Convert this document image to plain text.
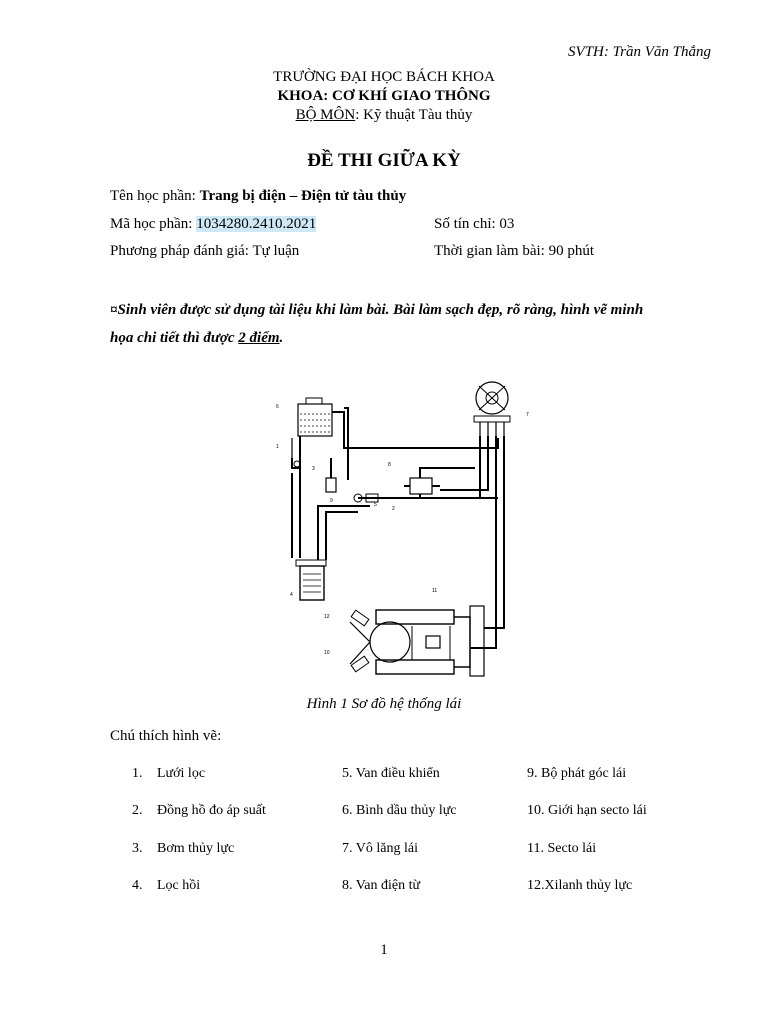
SVTH: Trần Văn Thắng
TRƯỜNG ĐẠI HỌC BÁCH KHOA
KHOA: CƠ KHÍ GIAO THÔNG
BỘ MÔN: Kỹ thuật Tàu thủy
ĐỀ THI GIỮA KỲ
Tên học phần: Trang bị điện – Điện tử tàu thủy
Mã học phần: 1034280.2410.2021	Số tín chỉ: 03
Phương pháp đánh giá: Tự luận	Thời gian làm bài: 90 phút
¤Sinh viên được sử dụng tài liệu khi làm bài. Bài làm sạch đẹp, rõ ràng, hình vẽ minh họa chi tiết thì được 2 điểm.
6
1
3
4
8
5
2
7
9
11
12
10
Hình 1 Sơ đồ hệ thống lái
Chú thích hình vẽ:
1. Lưới lọc
2. Đồng hồ đo áp suất
3. Bơm thủy lực
4. Lọc hồi
5. Van điều khiển
6. Bình dầu thủy lực
7. Vô lăng lái
8. Van điện từ
9. Bộ phát góc lái
10. Giới hạn secto lái
11. Secto lái
12.Xilanh thủy lực
1
